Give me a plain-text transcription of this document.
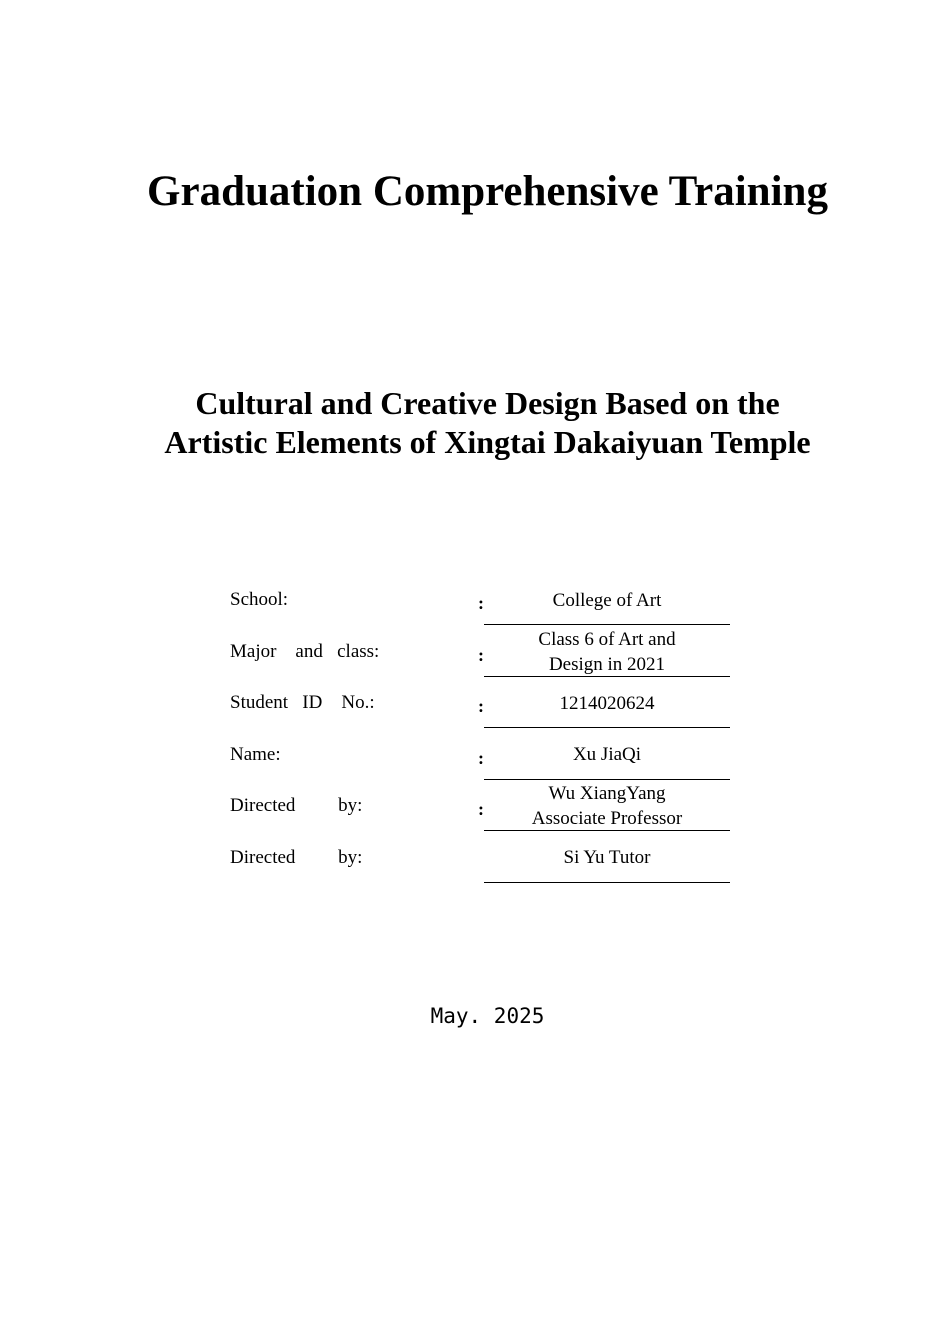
Graduation Comprehensive Training
Cultural and Creative Design Based on the
Artistic Elements of Xingtai Dakaiyuan Temple
School:	:	College of Art
Major    and   class:	:
Class 6 of Art and
Design in 2021
Student   ID    No.:	:	1214020624
Name:	:	Xu JiaQi
Directed         by:	:
Wu XiangYang
Associate Professor
Directed         by:	Si Yu Tutor
May. 2025
